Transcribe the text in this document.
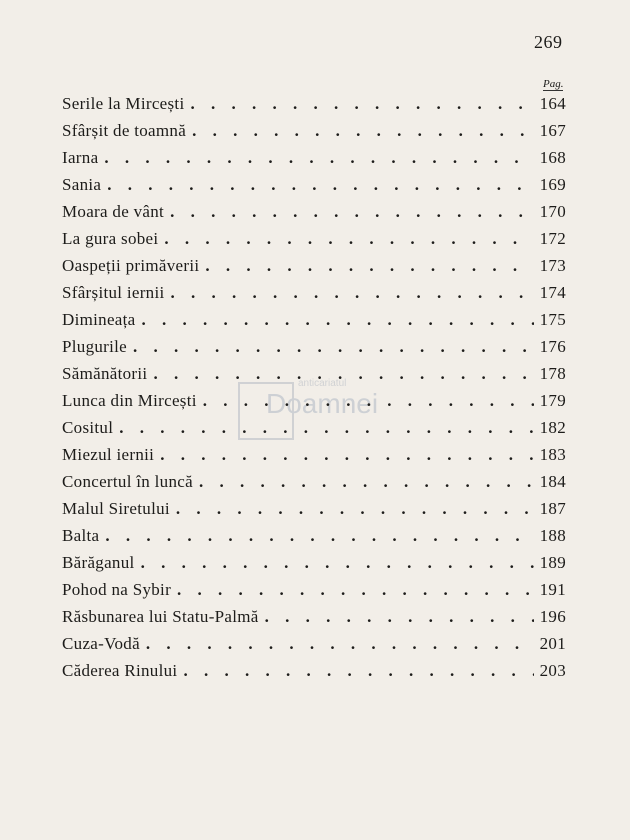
269
Pag.
anticariatul
Doamnei
Serile la Mircești . . .	164
Sfârșit de toamnă . . .	167
Iarna . . .	168
Sania . . .	169
Moara de vânt . . .	170
La gura sobei . . .	172
Oaspeții primăverii . . .	173
Sfârșitul iernii . . .	174
Dimineața . . .	175
Plugurile . . .	176
Sămănătorii . . .	178
Lunca din Mircești . . .	179
Cositul . . .	182
Miezul iernii . . .	183
Concertul în luncă . . .	184
Malul Siretului . . .	187
Balta . . .	188
Bărăganul . . .	189
Pohod na Sybir . . .	191
Răsbunarea lui Statu-Palmă . . .	196
Cuza-Vodă . . .	201
Căderea Rinului . . .	203
